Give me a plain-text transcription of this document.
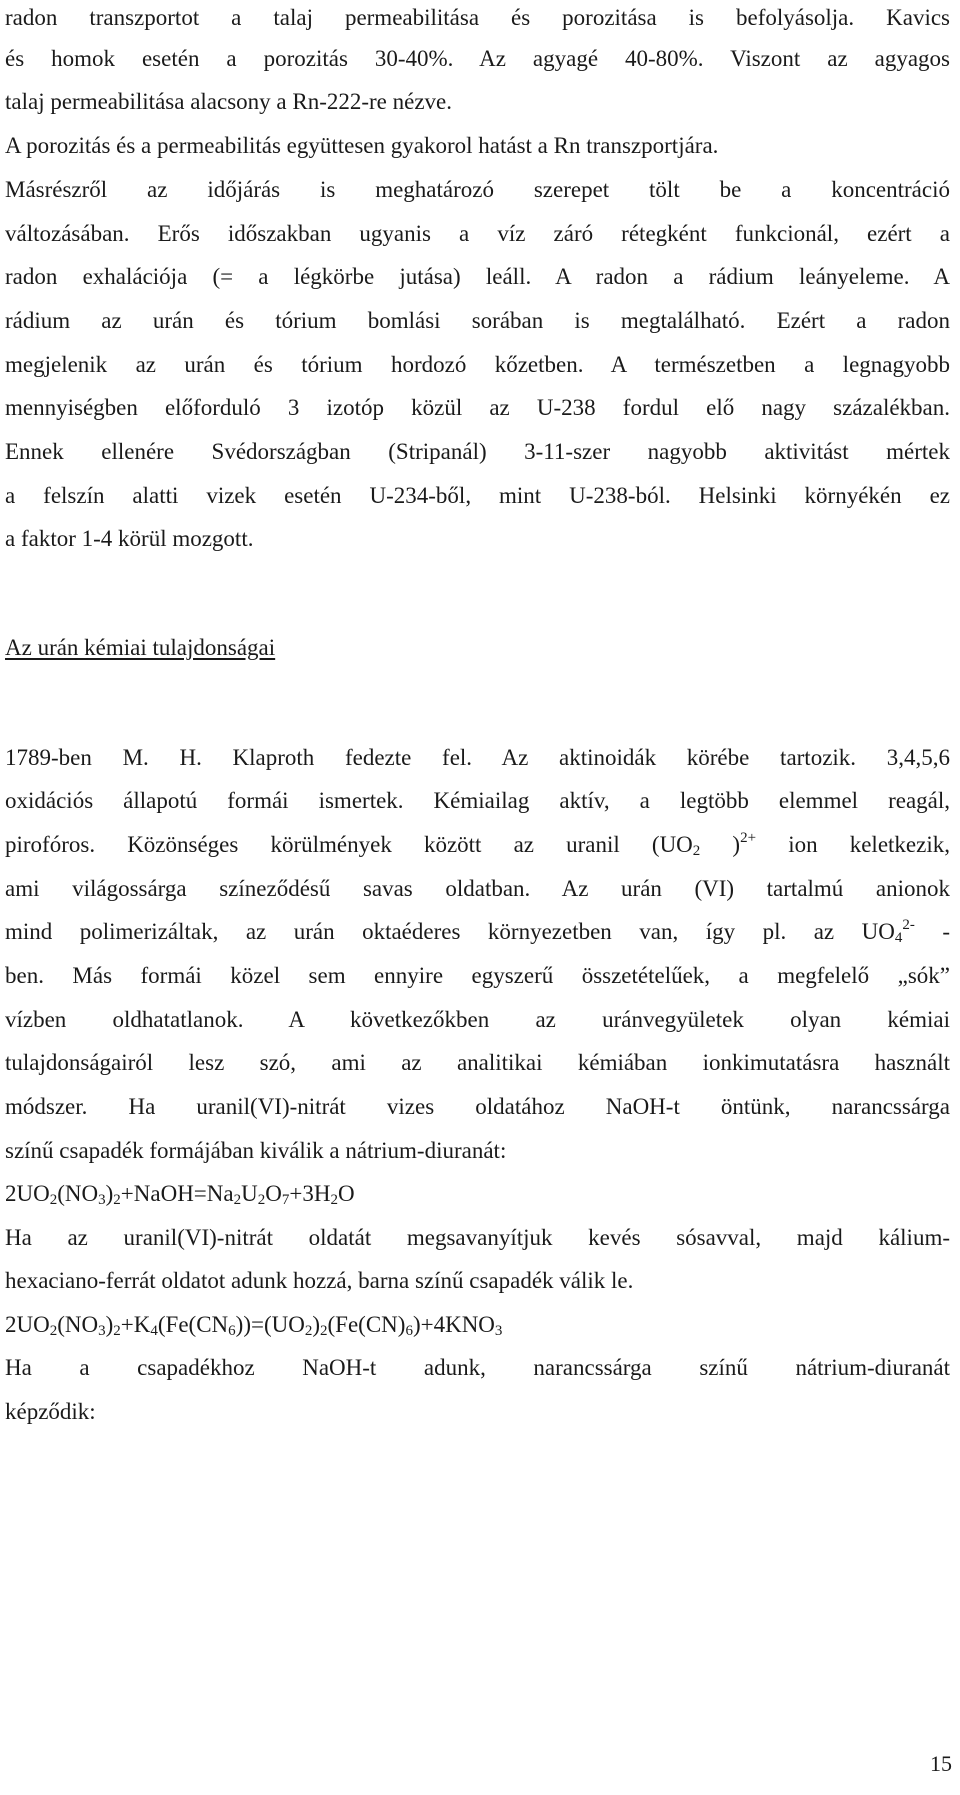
radon transzportot a talaj permeabilitása és porozitása is befolyásolja. Kavics
és homok esetén a porozitás 30-40%. Az agyagé 40-80%. Viszont az agyagos
talaj permeabilitása alacsony a Rn-222-re nézve.
A porozitás és a permeabilitás együttesen gyakorol hatást a Rn transzportjára.
Másrészről az időjárás is meghatározó szerepet tölt be a koncentráció
változásában. Erős időszakban ugyanis a víz záró rétegként funkcionál, ezért a
radon exhalációja (= a légkörbe jutása) leáll. A radon a rádium leányeleme. A
rádium az urán és tórium bomlási sorában is megtalálható. Ezért a radon
megjelenik az urán és tórium hordozó kőzetben. A természetben a legnagyobb
mennyiségben előforduló 3 izotóp közül az U-238 fordul elő nagy százalékban.
Ennek ellenére Svédországban (Stripanál) 3-11-szer nagyobb aktivitást mértek
a felszín alatti vizek esetén U-234-ből, mint U-238-ból. Helsinki környékén ez
a faktor 1-4 körül mozgott.
Az urán kémiai tulajdonságai
1789-ben M. H. Klaproth fedezte fel. Az aktinoidák körébe tartozik. 3,4,5,6
oxidációs állapotú formái ismertek. Kémiailag aktív, a legtöbb elemmel reagál,
pirofóros. Közönséges körülmények között az uranil ($UO_2$ )$^{2+}$ ion keletkezik,
ami világossárga színeződésű savas oldatban. Az urán (VI) tartalmú anionok
mind polimerizáltak, az urán oktaéderes környezetben van, így pl. az $UO_4^{2-}$ -
ben. Más formái közel sem ennyire egyszerű összetételűek, a megfelelő „sók”
vízben oldhatatlanok. A következőkben az uránvegyületek olyan kémiai
tulajdonságairól lesz szó, ami az analitikai kémiában ionkimutatásra használt
módszer. Ha uranil(VI)-nitrát vizes oldatához NaOH-t öntünk, narancssárga
színű csapadék formájában kiválik a nátrium-diuranát:
$2UO_2(NO_3)_2+NaOH=Na_2U_2O_7+3H_2O$
Ha az uranil(VI)-nitrát oldatát megsavanyítjuk kevés sósavval, majd kálium-
hexaciano-ferrát oldatot adunk hozzá, barna színű csapadék válik le.
$2UO_2(NO_3)_2+K_4(Fe(CN_6))=(UO_2)_2(Fe(CN)_6)+4KNO_3$
Ha a csapadékhoz NaOH-t adunk, narancssárga színű nátrium-diuranát
képződik:
15
